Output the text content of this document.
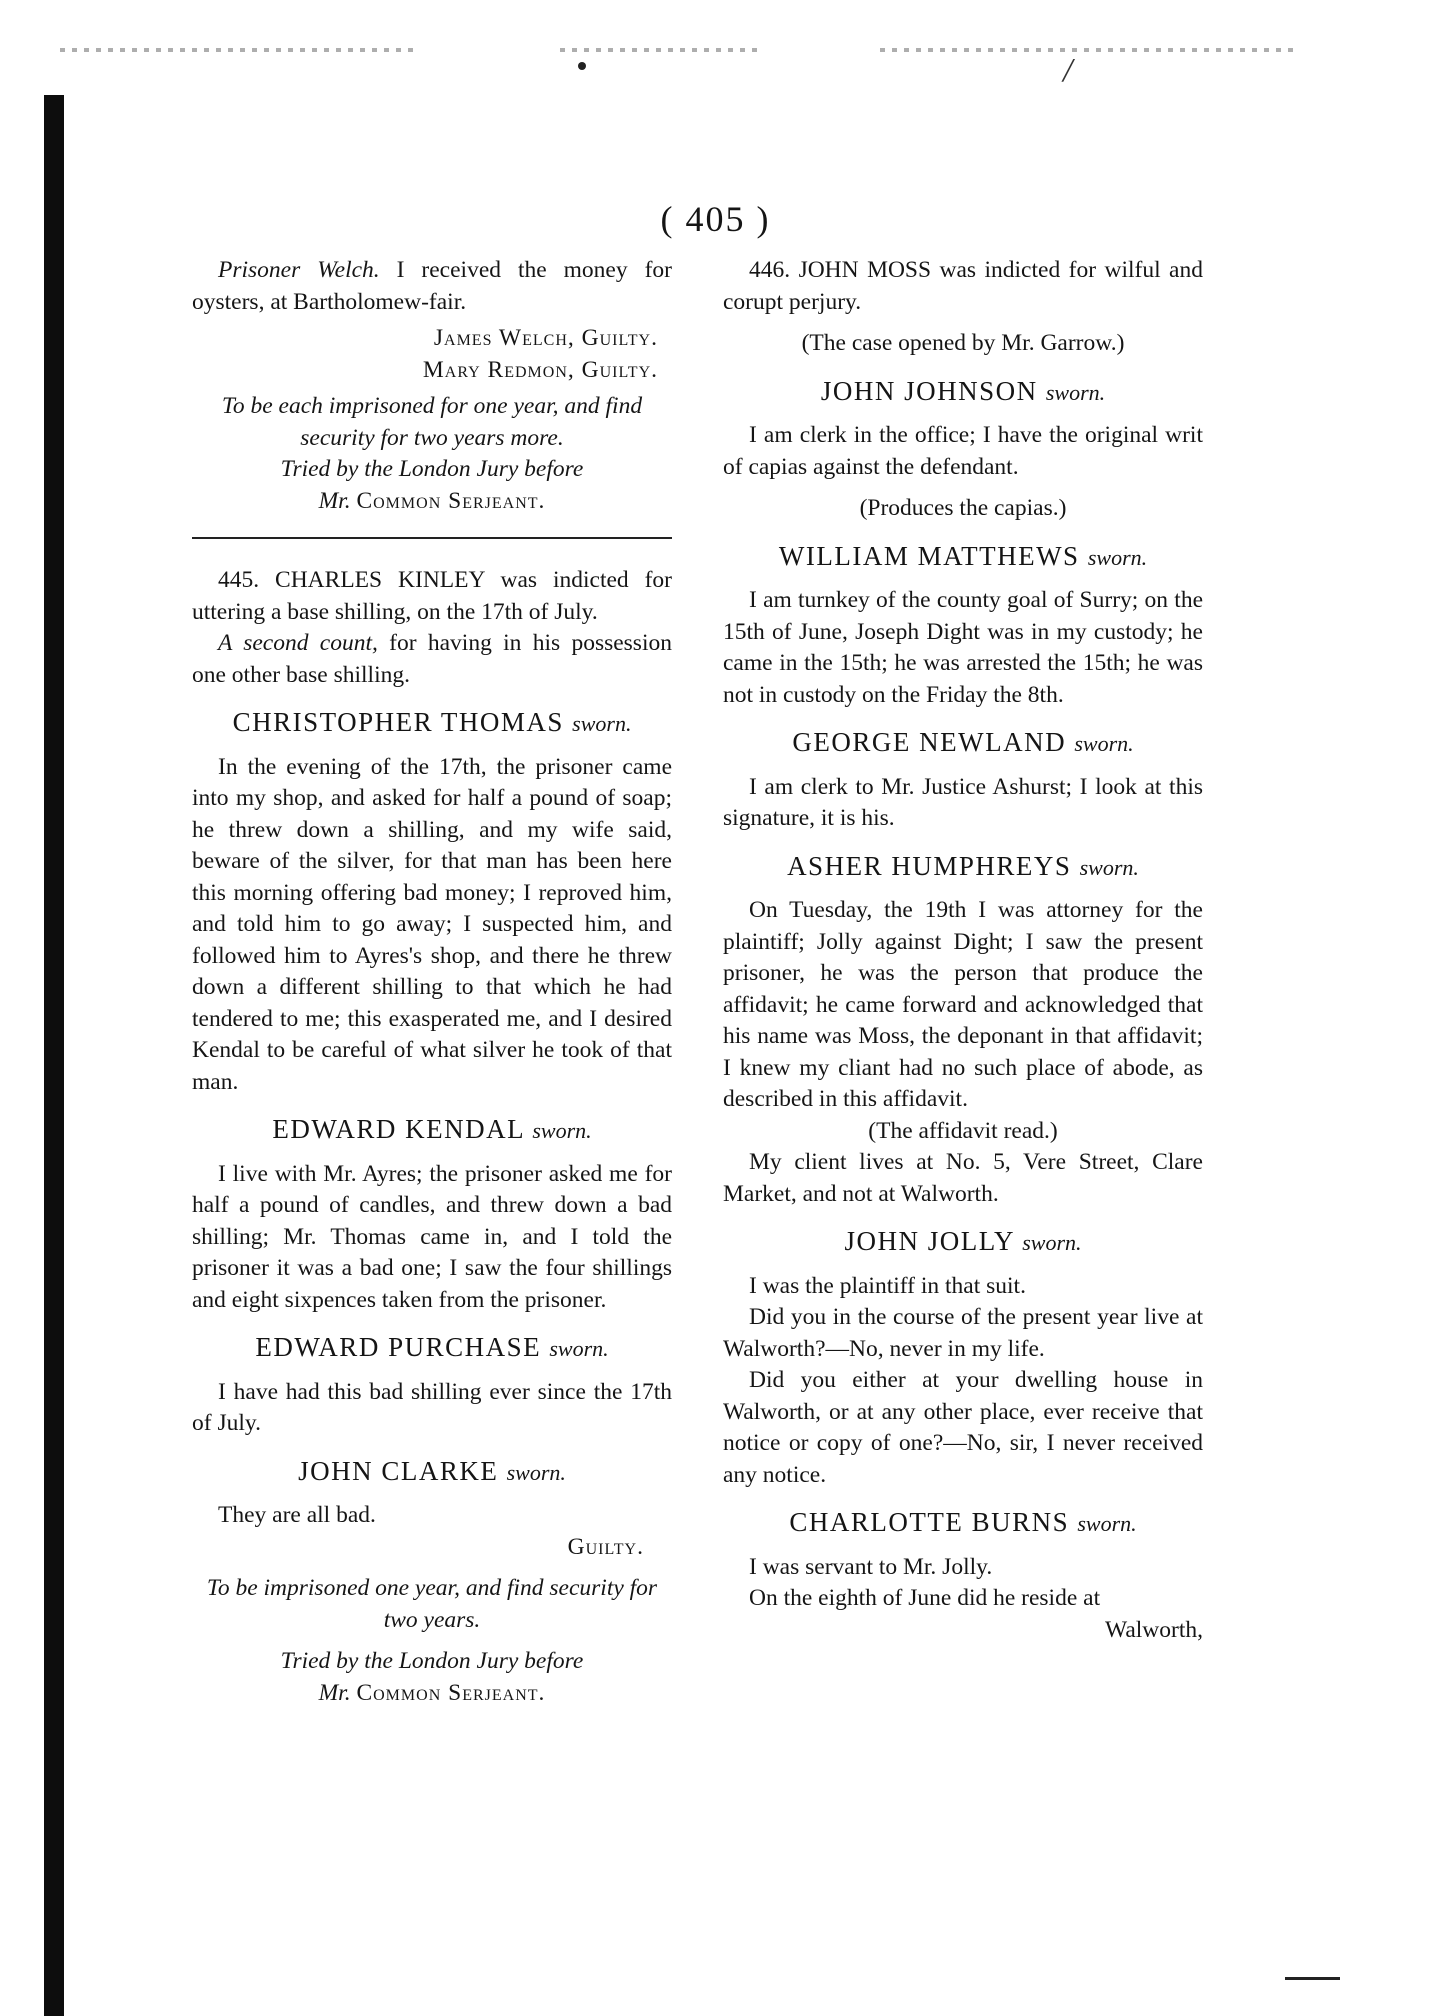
/
( 405 )

Prisoner Welch. I received the money for oysters, at Bartholomew-fair.

James Welch, Guilty.

Mary Redmon, Guilty.

To be each imprisoned for one year, and find security for two years more.

Tried by the London Jury before

Mr. Common Serjeant.

445. CHARLES KINLEY was indicted for uttering a base shilling, on the 17th of July.

A second count, for having in his possession one other base shilling.

CHRISTOPHER THOMAS sworn.

In the evening of the 17th, the prisoner came into my shop, and asked for half a pound of soap; he threw down a shilling, and my wife said, beware of the silver, for that man has been here this morning offering bad money; I reproved him, and told him to go away; I suspected him, and followed him to Ayres's shop, and there he threw down a different shilling to that which he had tendered to me; this exasperated me, and I desired Kendal to be careful of what silver he took of that man.

EDWARD KENDAL sworn.

I live with Mr. Ayres; the prisoner asked me for half a pound of candles, and threw down a bad shilling; Mr. Thomas came in, and I told the prisoner it was a bad one; I saw the four shillings and eight sixpences taken from the prisoner.

EDWARD PURCHASE sworn.

I have had this bad shilling ever since the 17th of July.

JOHN CLARKE sworn.

They are all bad.

Guilty.

To be imprisoned one year, and find security for two years.

Tried by the London Jury before

Mr. Common Serjeant.

446. JOHN MOSS was indicted for wilful and corupt perjury.

(The case opened by Mr. Garrow.)

JOHN JOHNSON sworn.

I am clerk in the office; I have the original writ of capias against the defendant.

(Produces the capias.)

WILLIAM MATTHEWS sworn.

I am turnkey of the county goal of Surry; on the 15th of June, Joseph Dight was in my custody; he came in the 15th; he was arrested the 15th; he was not in custody on the Friday the 8th.

GEORGE NEWLAND sworn.

I am clerk to Mr. Justice Ashurst; I look at this signature, it is his.

ASHER HUMPHREYS sworn.

On Tuesday, the 19th I was attorney for the plaintiff; Jolly against Dight; I saw the present prisoner, he was the person that produce the affidavit; he came forward and acknowledged that his name was Moss, the deponant in that affidavit; I knew my cliant had no such place of abode, as described in this affidavit.

(The affidavit read.)

My client lives at No. 5, Vere Street, Clare Market, and not at Walworth.

JOHN JOLLY sworn.

I was the plaintiff in that suit.

Did you in the course of the present year live at Walworth?—No, never in my life.

Did you either at your dwelling house in Walworth, or at any other place, ever receive that notice or copy of one?—No, sir, I never received any notice.

CHARLOTTE BURNS sworn.

I was servant to Mr. Jolly.

On the eighth of June did he reside at

Walworth,
